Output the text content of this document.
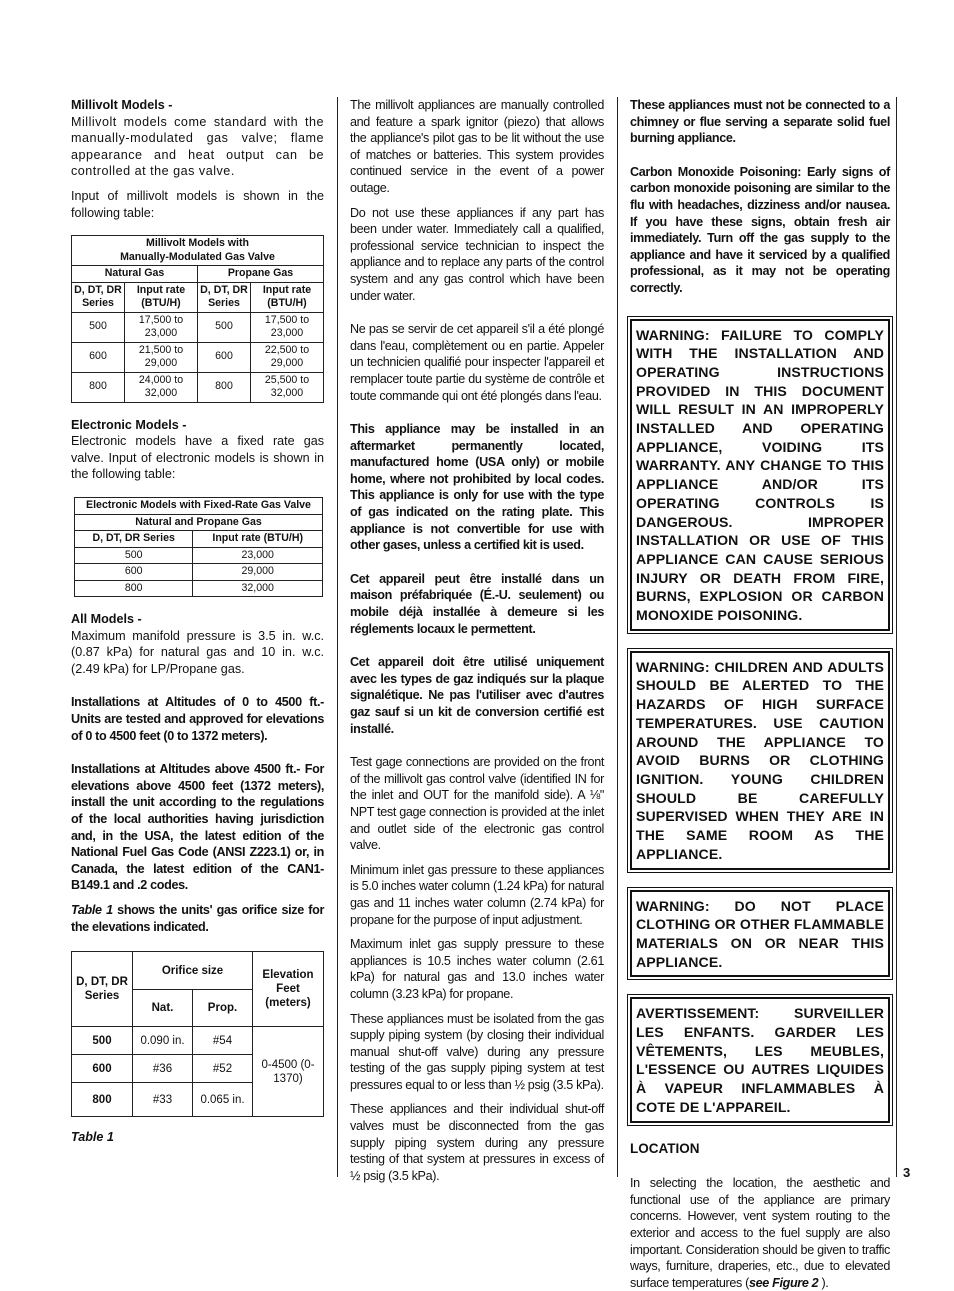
Millivolt Models -

Millivolt models come standard with the manually-modulated gas valve; flame appearance and heat output can be controlled at the gas valve.

Input of millivolt models is shown in the following table:

Millivolt Models with
Manually-Modulated Gas Valve			
Natural Gas		Propane Gas	
D, DT, DR Series	Input rate (BTU/H)	D, DT, DR Series	Input rate (BTU/H)
500	17,500 to 23,000	500	17,500 to 23,000
600	21,500 to 29,000	600	22,500 to 29,000
800	24,000 to 32,000	800	25,500 to 32,000

Electronic Models -

Electronic models have a fixed rate gas valve. Input of electronic models is shown in the following table:

Electronic Models with Fixed-Rate Gas Valve	
Natural and Propane Gas	
D, DT, DR Series	Input rate (BTU/H)
500	23,000
600	29,000
800	32,000

All Models -

Maximum manifold pressure is 3.5 in. w.c. (0.87 kPa) for natural gas and 10 in. w.c. (2.49 kPa) for LP/Propane gas.

Installations at Altitudes of 0 to 4500 ft.- Units are tested and approved for elevations of 0 to 4500 feet (0 to 1372 meters).

Installations at Altitudes above 4500 ft.- For elevations above 4500 feet (1372 meters), install the unit according to the regulations of the local authorities having jurisdiction and, in the USA, the latest edition of the National Fuel Gas Code (ANSI Z223.1) or, in Canada, the latest edition of the CAN1-B149.1 and .2 codes.

Table 1 shows the units' gas orifice size for the elevations indicated.

D, DT, DR Series	Orifice size		Elevation Feet (meters)
	Nat.	Prop.	
500	0.090 in.	#54	0-4500 (0-1370)
600	#36	#52	
800	#33	0.065 in.	

Table 1

The millivolt appliances are manually controlled and feature a spark ignitor (piezo) that allows the appliance's pilot gas to be lit without the use of matches or batteries. This system provides continued service in the event of a power outage.

Do not use these appliances if any part has been under water. Immediately call a qualified, professional service technician to inspect the appliance and to replace any parts of the control system and any gas control which have been under water.

Ne pas se servir de cet appareil s'il a été plongé dans l'eau, complètement ou en partie. Appeler un technicien qualifié pour inspecter l'appareil et remplacer toute partie du système de contrôle et toute commande qui ont été plongés dans l'eau.

This appliance may be installed in an aftermarket permanently located, manufactured home (USA only) or mobile home, where not prohibited by local codes. This appliance is only for use with the type of gas indicated on the rating plate. This appliance is not convertible for use with other gases, unless a certified kit is used.

Cet appareil peut être installé dans un maison préfabriquée (É.-U. seulement) ou mobile déjà installée à demeure si les réglements locaux le permettent.

Cet appareil doit être utilisé uniquement avec les types de gaz indiqués sur la plaque signalétique. Ne pas l'utiliser avec d'autres gaz sauf si un kit de conversion certifié est installé.

Test gage connections are provided on the front of the millivolt gas control valve (identified IN for the inlet and OUT for the manifold side). A ⅛" NPT test gage connection is provided at the inlet and outlet side of the electronic gas control valve.

Minimum inlet gas pressure to these appliances is 5.0 inches water column (1.24 kPa) for natural gas and 11 inches water column (2.74 kPa) for propane for the purpose of input adjustment.

Maximum inlet gas supply pressure to these appliances is 10.5 inches water column (2.61 kPa) for natural gas and 13.0 inches water column (3.23 kPa) for propane.

These appliances must be isolated from the gas supply piping system (by closing their individual manual shut-off valve) during any pressure testing of the gas supply piping system at test pressures equal to or less than ½ psig (3.5 kPa).

These appliances and their individual shut-off valves must be disconnected from the gas supply piping system during any pressure testing of that system at pressures in excess of ½ psig (3.5 kPa).

These appliances must not be connected to a chimney or flue serving a separate solid fuel burning appliance.

Carbon Monoxide Poisoning: Early signs of carbon monoxide poisoning are similar to the flu with headaches, dizziness and/or nausea. If you have these signs, obtain fresh air immediately. Turn off the gas supply to the appliance and have it serviced by a qualified professional, as it may not be operating correctly.

WARNING: FAILURE TO COMPLY WITH THE INSTALLATION AND OPERATING INSTRUCTIONS PROVIDED IN THIS DOCUMENT WILL RESULT IN AN IMPROPERLY INSTALLED AND OPERATING APPLIANCE, VOIDING ITS WARRANTY. ANY CHANGE TO THIS APPLIANCE AND/OR ITS OPERATING CONTROLS IS DANGEROUS. IMPROPER INSTALLATION OR USE OF THIS APPLIANCE CAN CAUSE SERIOUS INJURY OR DEATH FROM FIRE, BURNS, EXPLOSION OR CARBON MONOXIDE POISONING.
WARNING: CHILDREN AND ADULTS SHOULD BE ALERTED TO THE HAZARDS OF HIGH SURFACE TEMPERATURES. USE CAUTION AROUND THE APPLIANCE TO AVOID BURNS OR CLOTHING IGNITION. YOUNG CHILDREN SHOULD BE CAREFULLY SUPERVISED WHEN THEY ARE IN THE SAME ROOM AS THE APPLIANCE.
WARNING: DO NOT PLACE CLOTHING OR OTHER FLAMMABLE MATERIALS ON OR NEAR THIS APPLIANCE.
AVERTISSEMENT: SURVEILLER LES ENFANTS. GARDER LES VÊTEMENTS, LES MEUBLES, L'ESSENCE OU AUTRES LIQUIDES À VAPEUR INFLAMMABLES À COTE DE L'APPAREIL.

LOCATION

In selecting the location, the aesthetic and functional use of the appliance are primary concerns. However, vent system routing to the exterior and access to the fuel supply are also important. Consideration should be given to traffic ways, furniture, draperies, etc., due to elevated surface temperatures (see Figure 2 ).

3
